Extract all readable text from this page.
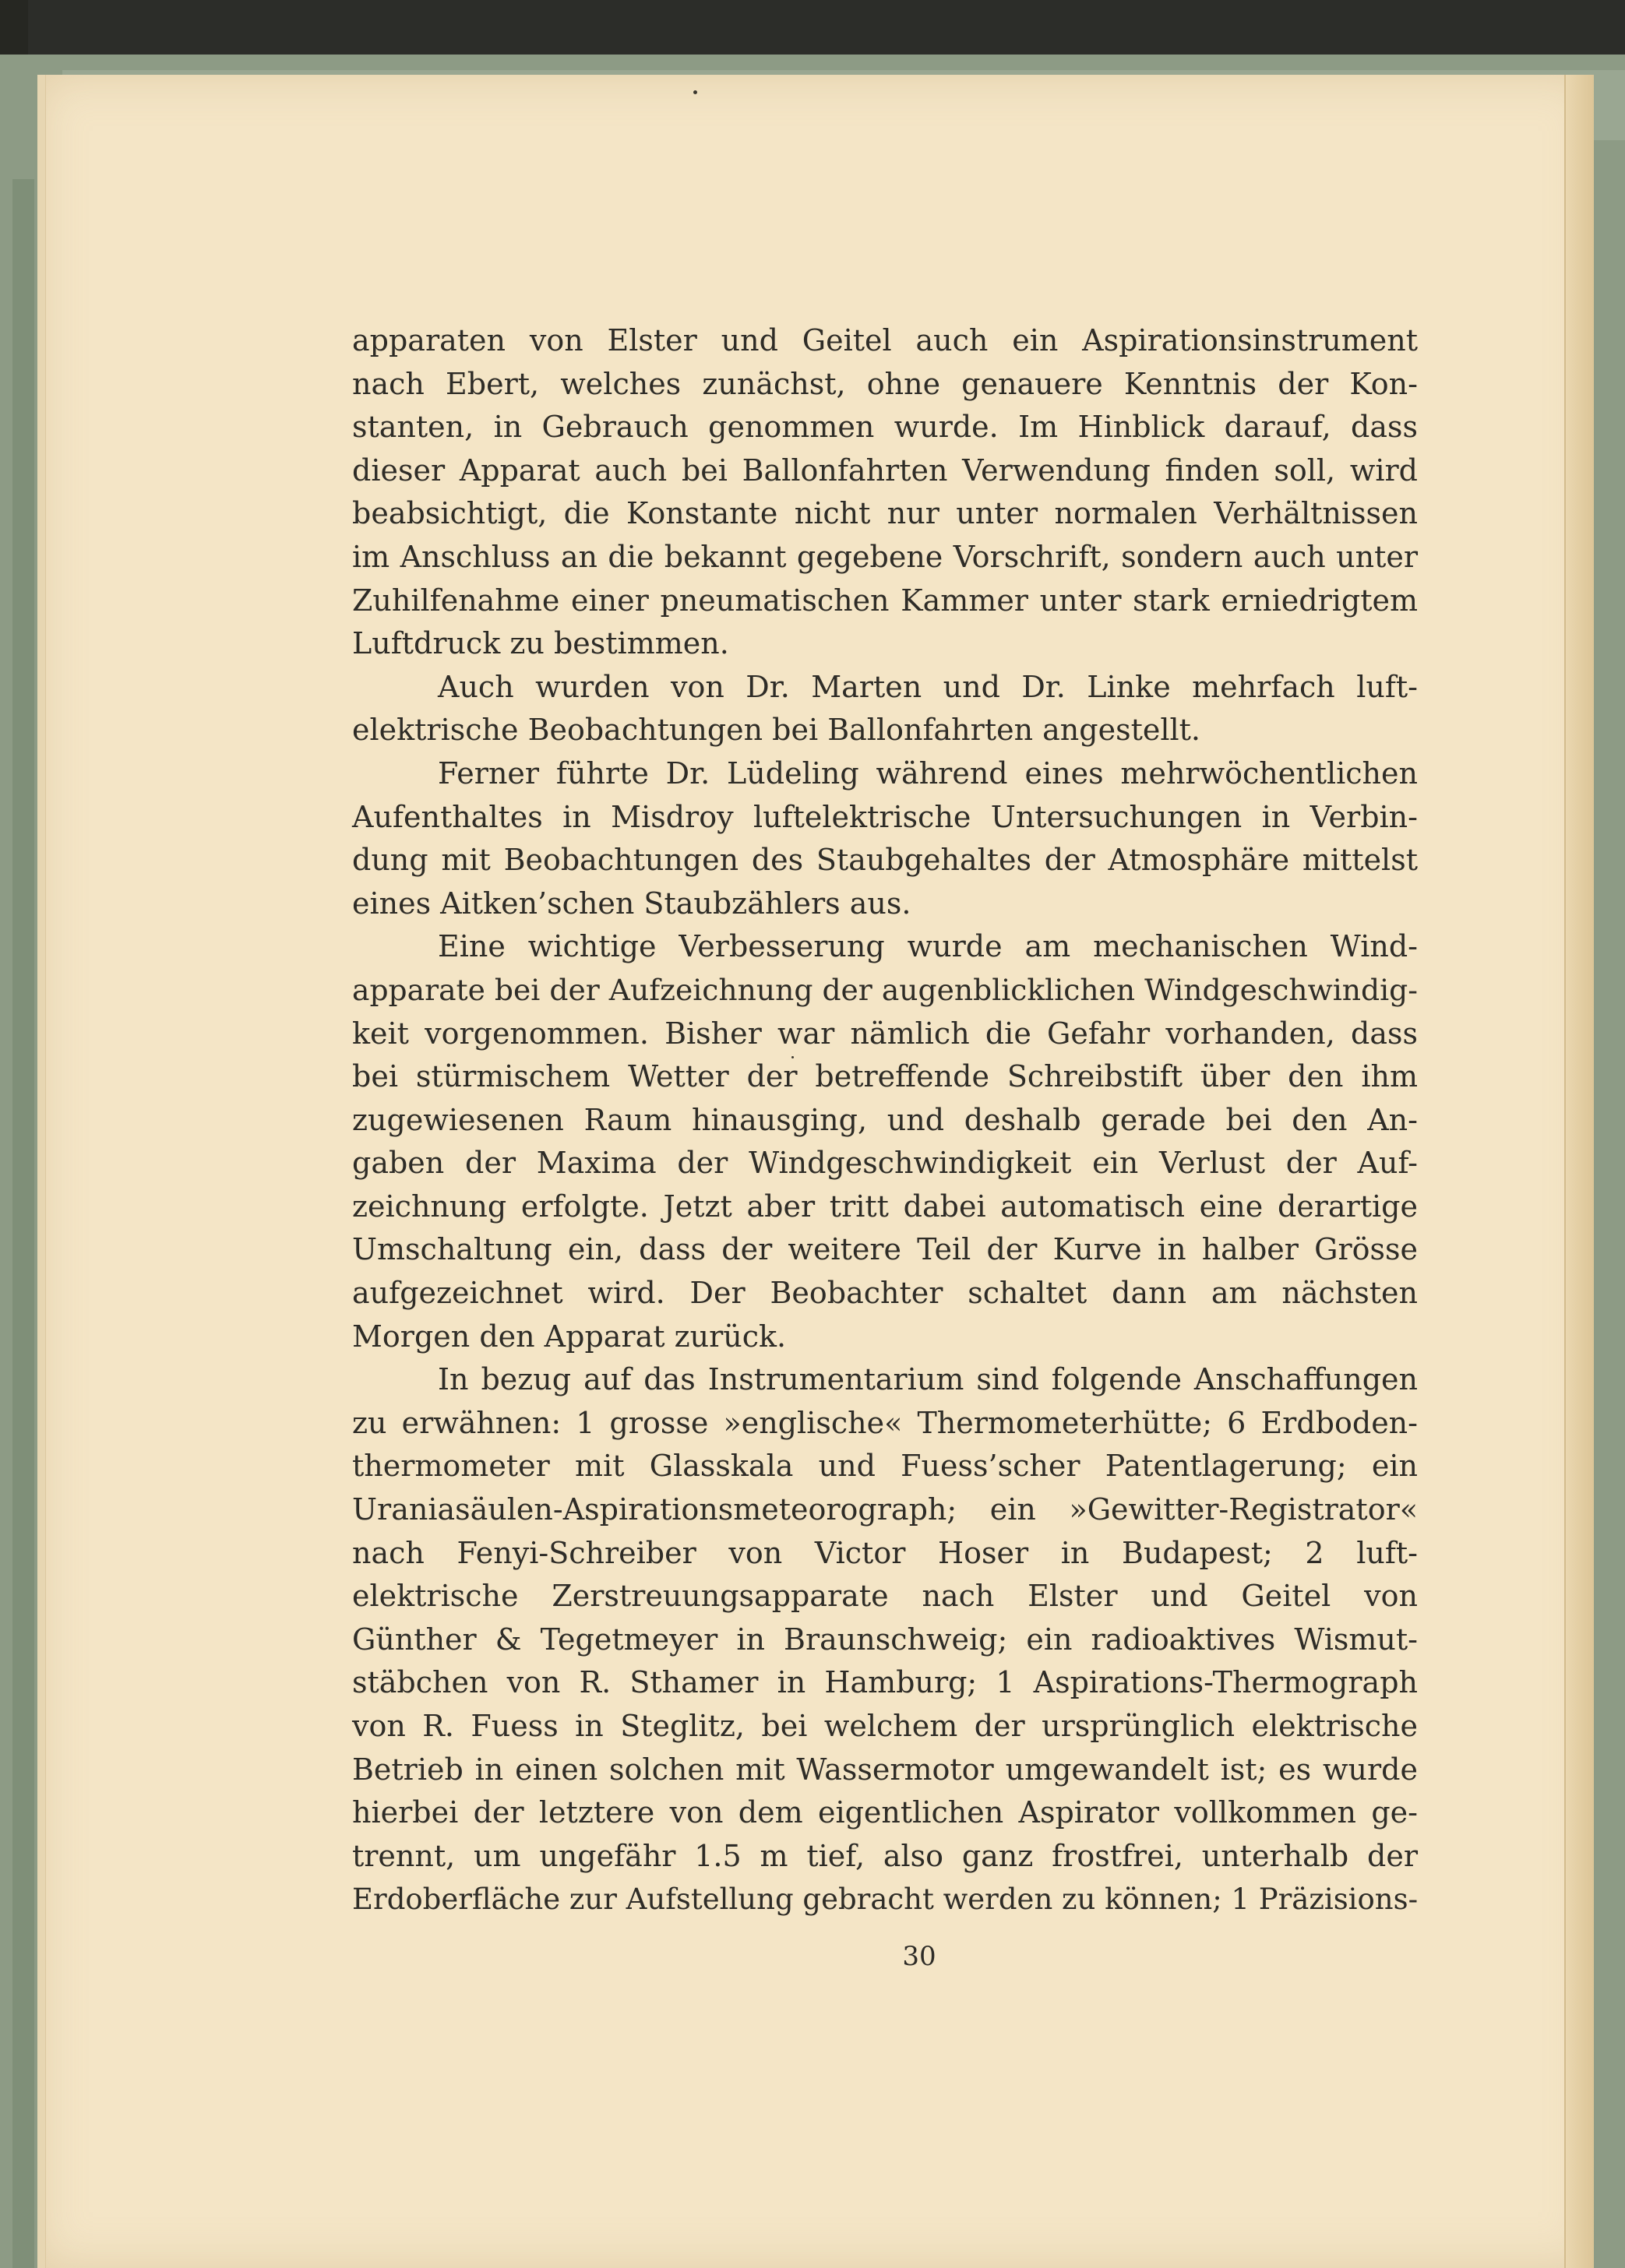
apparaten von Elster und Geitel auch ein Aspirationsinstrument
nach Ebert, welches zunächst, ohne genauere Kenntnis der Kon-
stanten, in Gebrauch genommen wurde. Im Hinblick darauf, dass
dieser Apparat auch bei Ballonfahrten Verwendung finden soll, wird
beabsichtigt, die Konstante nicht nur unter normalen Verhältnissen
im Anschluss an die bekannt gegebene Vorschrift, sondern auch unter
Zuhilfenahme einer pneumatischen Kammer unter stark erniedrigtem
Luftdruck zu bestimmen.
Auch wurden von Dr. Marten und Dr. Linke mehrfach luft-
elektrische Beobachtungen bei Ballonfahrten angestellt.
Ferner führte Dr. Lüdeling während eines mehrwöchentlichen
Aufenthaltes in Misdroy luftelektrische Untersuchungen in Verbin-
dung mit Beobachtungen des Staubgehaltes der Atmosphäre mittelst
eines Aitken’schen Staubzählers aus.
Eine wichtige Verbesserung wurde am mechanischen Wind-
apparate bei der Aufzeichnung der augenblicklichen Windgeschwindig-
keit vorgenommen. Bisher war nämlich die Gefahr vorhanden, dass
bei stürmischem Wetter der betreffende Schreibstift über den ihm
zugewiesenen Raum hinausging, und deshalb gerade bei den An-
gaben der Maxima der Windgeschwindigkeit ein Verlust der Auf-
zeichnung erfolgte. Jetzt aber tritt dabei automatisch eine derartige
Umschaltung ein, dass der weitere Teil der Kurve in halber Grösse
aufgezeichnet wird. Der Beobachter schaltet dann am nächsten
Morgen den Apparat zurück.
In bezug auf das Instrumentarium sind folgende Anschaffungen
zu erwähnen: 1 grosse »englische« Thermometerhütte; 6 Erdboden-
thermometer mit Glasskala und Fuess’scher Patentlagerung; ein
Uraniasäulen-Aspirationsmeteorograph; ein »Gewitter-Registrator«
nach Fenyi-Schreiber von Victor Hoser in Budapest; 2 luft-
elektrische Zerstreuungsapparate nach Elster und Geitel von
Günther & Tegetmeyer in Braunschweig; ein radioaktives Wismut-
stäbchen von R. Sthamer in Hamburg; 1 Aspirations-Thermograph
von R. Fuess in Steglitz, bei welchem der ursprünglich elektrische
Betrieb in einen solchen mit Wassermotor umgewandelt ist; es wurde
hierbei der letztere von dem eigentlichen Aspirator vollkommen ge-
trennt, um ungefähr 1.5 m tief, also ganz frostfrei, unterhalb der
Erdoberfläche zur Aufstellung gebracht werden zu können; 1 Präzisions-
30
